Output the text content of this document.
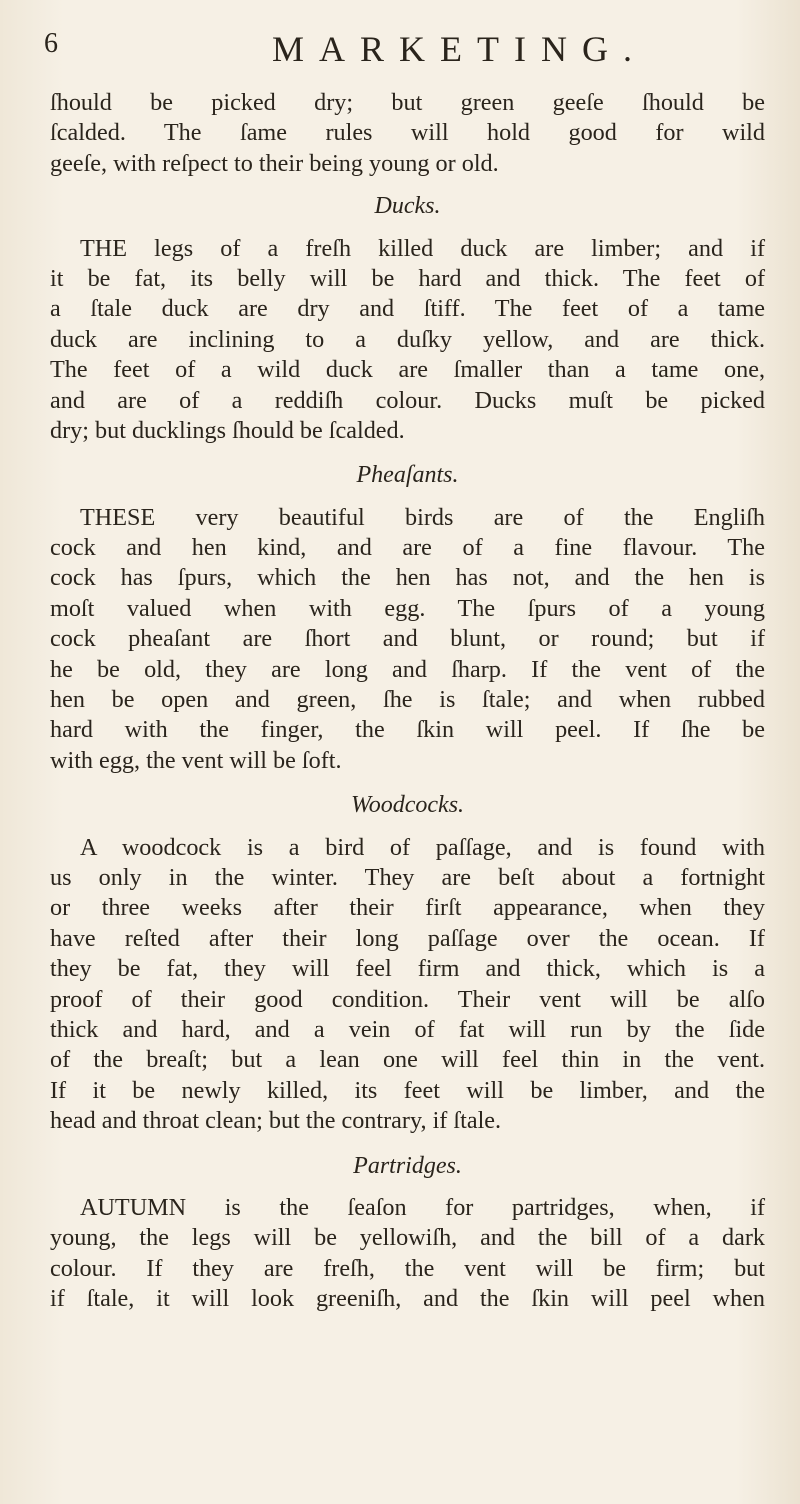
6	MARKETING.
ſhould be picked dry; but green geeſe ſhould be
ſcalded. The ſame rules will hold good for wild
geeſe, with reſpect to their being young or old.
Ducks.
THE legs of a freſh killed duck are limber; and if
it be fat, its belly will be hard and thick. The feet of
a ſtale duck are dry and ſtiff. The feet of a tame
duck are inclining to a duſky yellow, and are thick.
The feet of a wild duck are ſmaller than a tame one,
and are of a reddiſh colour. Ducks muſt be picked
dry; but ducklings ſhould be ſcalded.
Pheaſants.
THESE very beautiful birds are of the Engliſh
cock and hen kind, and are of a fine flavour. The
cock has ſpurs, which the hen has not, and the hen is
moſt valued when with egg. The ſpurs of a young
cock pheaſant are ſhort and blunt, or round; but if
he be old, they are long and ſharp. If the vent of the
hen be open and green, ſhe is ſtale; and when rubbed
hard with the finger, the ſkin will peel. If ſhe be
with egg, the vent will be ſoft.
Woodcocks.
A woodcock is a bird of paſſage, and is found with
us only in the winter. They are beſt about a fortnight
or three weeks after their firſt appearance, when they
have reſted after their long paſſage over the ocean. If
they be fat, they will feel firm and thick, which is a
proof of their good condition. Their vent will be alſo
thick and hard, and a vein of fat will run by the ſide
of the breaſt; but a lean one will feel thin in the vent.
If it be newly killed, its feet will be limber, and the
head and throat clean; but the contrary, if ſtale.
Partridges.
AUTUMN is the ſeaſon for partridges, when, if
young, the legs will be yellowiſh, and the bill of a dark
colour. If they are freſh, the vent will be firm; but
if ſtale, it will look greeniſh, and the ſkin will peel when
